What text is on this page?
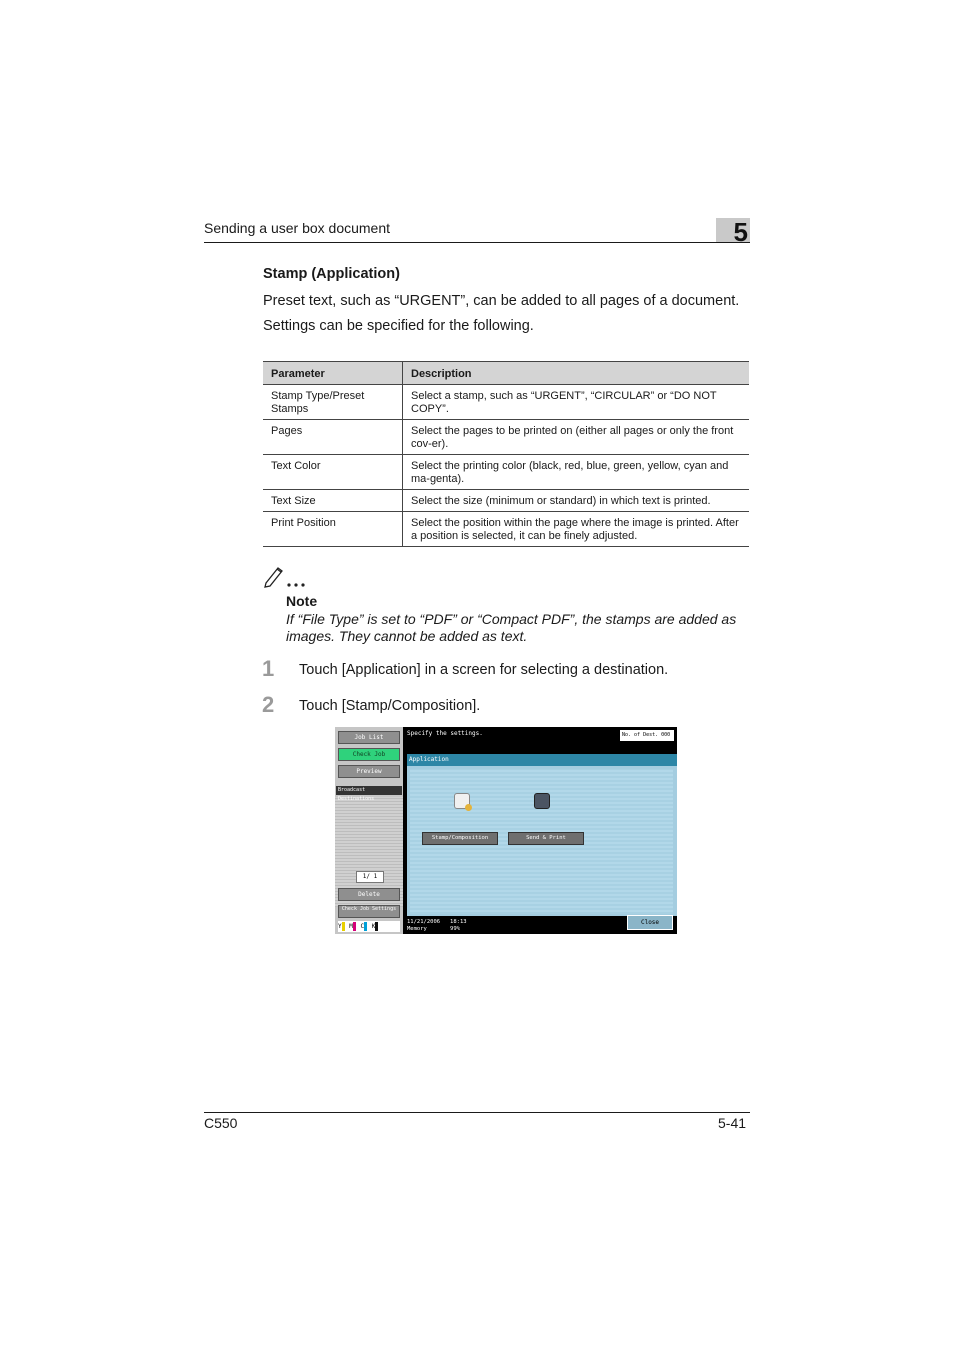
Sending a user box document	5
Stamp (Application)
Preset text, such as “URGENT”, can be added to all pages of a document.
Settings can be specified for the following.
Parameter	Description
Stamp Type/Preset Stamps	Select a stamp, such as “URGENT”, “CIRCULAR” or “DO NOT COPY”.
Pages	Select the pages to be printed on (either all pages or only the front cov-er).
Text Color	Select the printing color (black, red, blue, green, yellow, cyan and ma-genta).
Text Size	Select the size (minimum or standard) in which text is printed.
Print Position	Select the position within the page where the image is printed. After a position is selected, it can be finely adjusted.
Note
If “File Type” is set to “PDF” or “Compact PDF”, the stamps are added as images. They cannot be added as text.
1 Touch [Application] in a screen for selecting a destination.
2 Touch [Stamp/Composition].
Job List
Check Job
Preview
Broadcast Destinations
1/ 1
Delete
Check Job Settings
Y M C K
Specify the settings.	No. of Dest. 000
Application
Stamp/Composition	Send & Print
11/21/2006   18:13
Memory       99%
Close
C550	5-41
